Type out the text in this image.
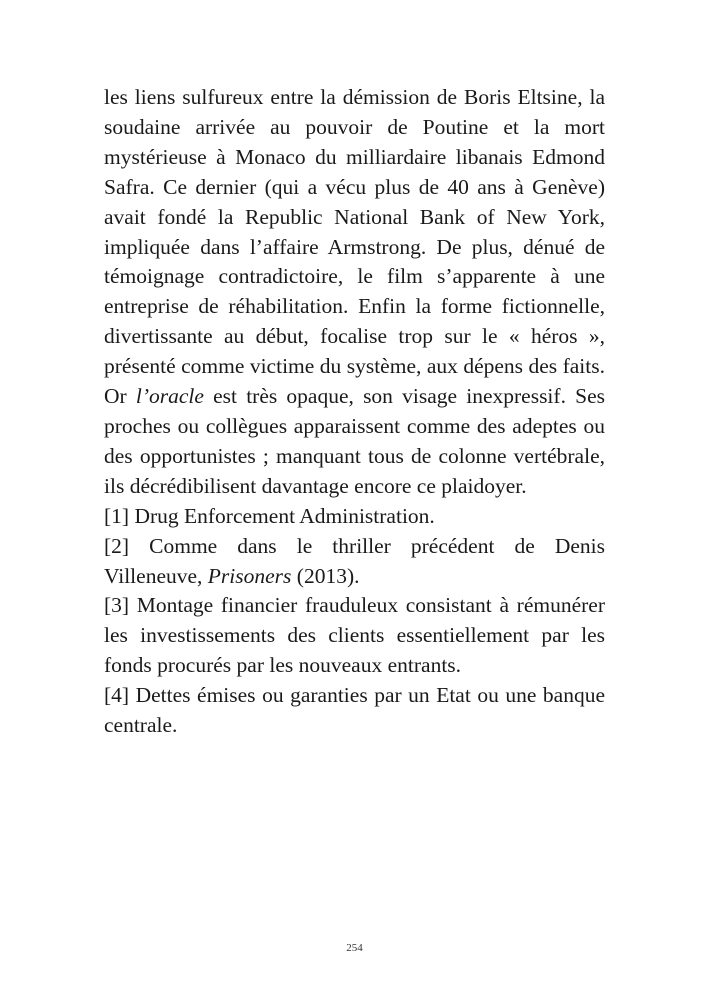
les liens sulfureux entre la démission de Boris Eltsine, la soudaine arrivée au pouvoir de Poutine et la mort mystérieuse à Monaco du milliardaire libanais Edmond Safra. Ce dernier (qui a vécu plus de 40 ans à Genève) avait fondé la Republic National Bank of New York, impliquée dans l’affaire Armstrong. De plus, dénué de témoignage contradictoire, le film s’apparente à une entreprise de réhabilitation. Enfin la forme fictionnelle, divertissante au début, focalise trop sur le « héros », présenté comme victime du système, aux dépens des faits. Or l’oracle est très opaque, son visage inexpressif. Ses proches ou collègues apparaissent comme des adeptes ou des opportunistes ; manquant tous de colonne vertébrale, ils décrédibilisent davantage encore ce plaidoyer.

[1] Drug Enforcement Administration.

[2] Comme dans le thriller précédent de Denis Villeneuve, Prisoners (2013).

[3] Montage financier frauduleux consistant à rémunérer les investissements des clients essentiellement par les fonds procurés par les nouveaux entrants.

[4] Dettes émises ou garanties par un Etat ou une banque centrale.

254
